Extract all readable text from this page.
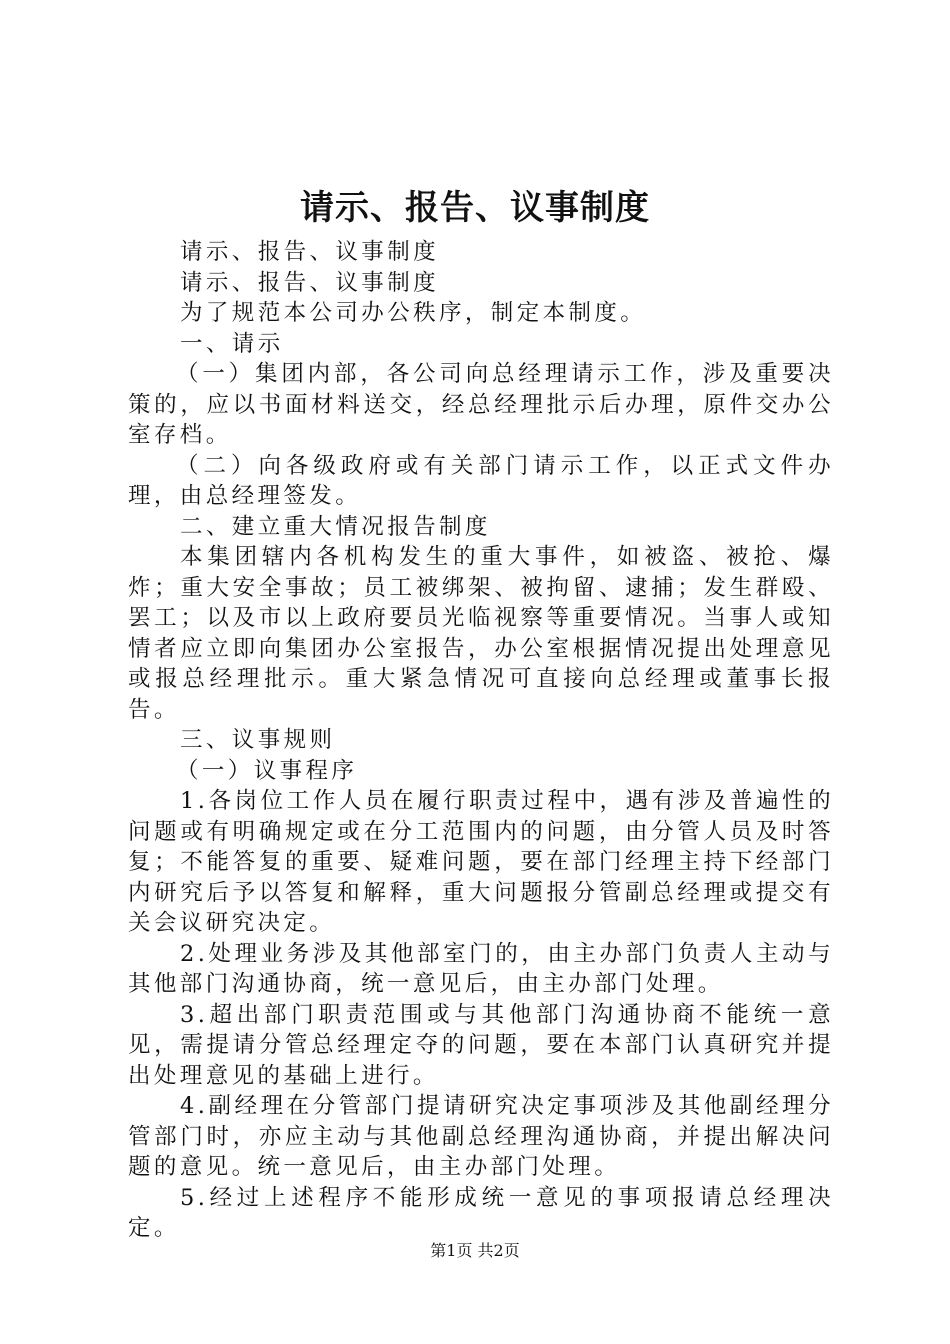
请示、报告、议事制度

请示、报告、议事制度

请示、报告、议事制度

为了规范本公司办公秩序，制定本制度。

一、请示

（一）集团内部，各公司向总经理请示工作，涉及重要决策的，应以书面材料送交，经总经理批示后办理，原件交办公室存档。

（二）向各级政府或有关部门请示工作，以正式文件办理，由总经理签发。

二、建立重大情况报告制度

本集团辖内各机构发生的重大事件，如被盗、被抢、爆炸；重大安全事故；员工被绑架、被拘留、逮捕；发生群殴、罢工；以及市以上政府要员光临视察等重要情况。当事人或知情者应立即向集团办公室报告，办公室根据情况提出处理意见或报总经理批示。重大紧急情况可直接向总经理或董事长报告。

三、议事规则

（一）议事程序

1.各岗位工作人员在履行职责过程中，遇有涉及普遍性的问题或有明确规定或在分工范围内的问题，由分管人员及时答复；不能答复的重要、疑难问题，要在部门经理主持下经部门内研究后予以答复和解释，重大问题报分管副总经理或提交有关会议研究决定。

2.处理业务涉及其他部室门的，由主办部门负责人主动与其他部门沟通协商，统一意见后，由主办部门处理。

3.超出部门职责范围或与其他部门沟通协商不能统一意见，需提请分管总经理定夺的问题，要在本部门认真研究并提出处理意见的基础上进行。

4.副经理在分管部门提请研究决定事项涉及其他副经理分管部门时，亦应主动与其他副总经理沟通协商，并提出解决问题的意见。统一意见后，由主办部门处理。

5.经过上述程序不能形成统一意见的事项报请总经理决定。

第1页 共2页
